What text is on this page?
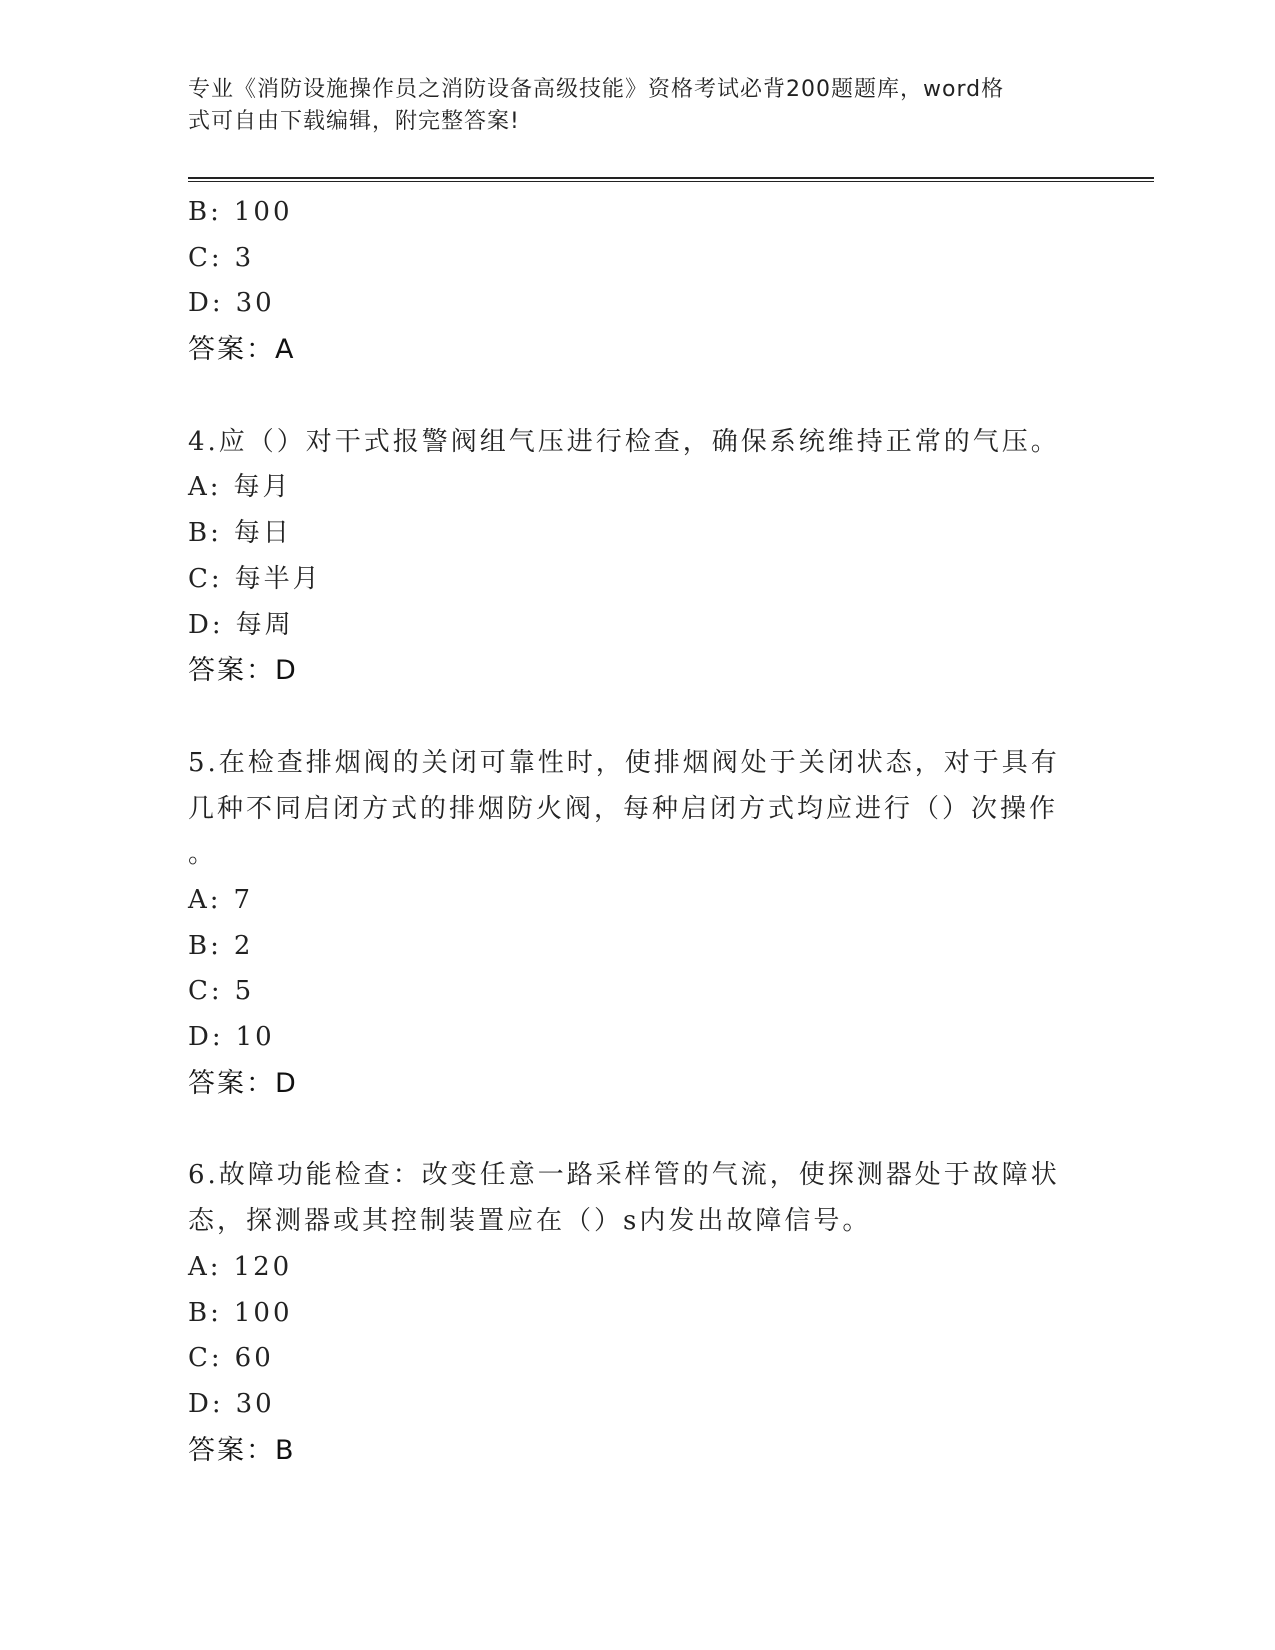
专业《消防设施操作员之消防设备高级技能》资格考试必背200题题库，word格
式可自由下载编辑，附完整答案!
B: 100
C: 3
D: 30
答案：A
4.应（）对干式报警阀组气压进行检查，确保系统维持正常的气压。
A: 每月
B: 每日
C: 每半月
D: 每周
答案：D
5.在检查排烟阀的关闭可靠性时，使排烟阀处于关闭状态，对于具有
几种不同启闭方式的排烟防火阀，每种启闭方式均应进行（）次操作
。
A: 7
B: 2
C: 5
D: 10
答案：D
6.故障功能检查：改变任意一路采样管的气流，使探测器处于故障状
态，探测器或其控制装置应在（）s内发出故障信号。
A: 120
B: 100
C: 60
D: 30
答案：B
